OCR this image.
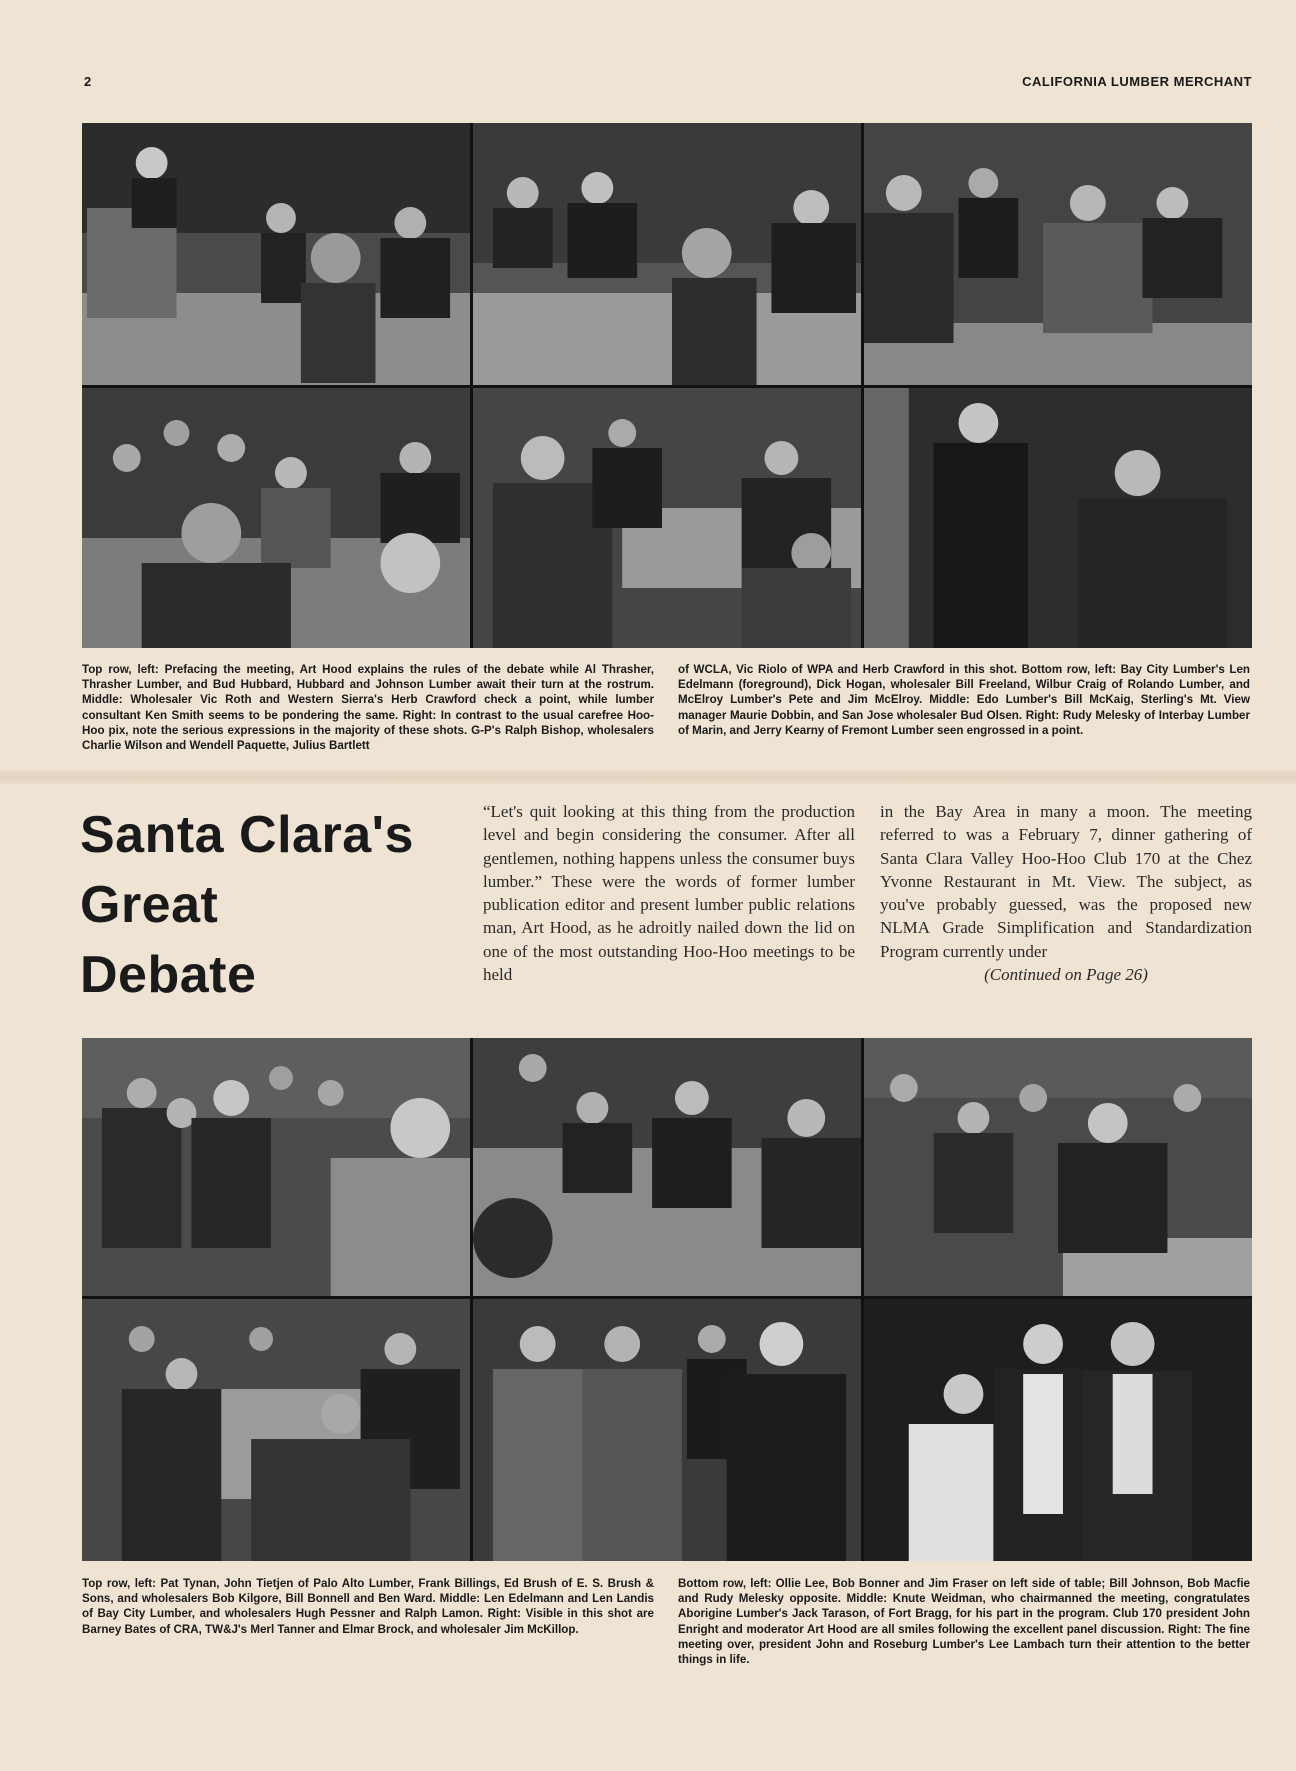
2	CALIFORNIA LUMBER MERCHANT
Top row, left: Prefacing the meeting, Art Hood explains the rules of the debate while Al Thrasher, Thrasher Lumber, and Bud Hubbard, Hubbard and Johnson Lumber await their turn at the rostrum. Middle: Wholesaler Vic Roth and Western Sierra's Herb Crawford check a point, while lumber consultant Ken Smith seems to be pondering the same. Right: In contrast to the usual carefree Hoo-Hoo pix, note the serious expressions in the majority of these shots. G-P's Ralph Bishop, wholesalers Charlie Wilson and Wendell Paquette, Julius Bartlett
of WCLA, Vic Riolo of WPA and Herb Crawford in this shot. Bottom row, left: Bay City Lumber's Len Edelmann (foreground), Dick Hogan, wholesaler Bill Freeland, Wilbur Craig of Rolando Lumber, and McElroy Lumber's Pete and Jim McElroy. Middle: Edo Lumber's Bill McKaig, Sterling's Mt. View manager Maurie Dobbin, and San Jose wholesaler Bud Olsen. Right: Rudy Melesky of Interbay Lumber of Marin, and Jerry Kearny of Fremont Lumber seen engrossed in a point.
Santa Clara's
Great
Debate
“Let's quit looking at this thing from the production level and begin considering the consumer. After all gentlemen, nothing happens unless the consumer buys lumber.” These were the words of former lumber publication editor and present lumber public relations man, Art Hood, as he adroitly nailed down the lid on one of the most outstanding Hoo-Hoo meetings to be held
in the Bay Area in many a moon. The meeting referred to was a February 7, dinner gathering of Santa Clara Valley Hoo-Hoo Club 170 at the Chez Yvonne Restaurant in Mt. View. The subject, as you've probably guessed, was the proposed new NLMA Grade Simplification and Standardization Program currently under
(Continued on Page 26)
Top row, left: Pat Tynan, John Tietjen of Palo Alto Lumber, Frank Billings, Ed Brush of E. S. Brush & Sons, and wholesalers Bob Kilgore, Bill Bonnell and Ben Ward. Middle: Len Edelmann and Len Landis of Bay City Lumber, and wholesalers Hugh Pessner and Ralph Lamon. Right: Visible in this shot are Barney Bates of CRA, TW&J's Merl Tanner and Elmar Brock, and wholesaler Jim McKillop.
Bottom row, left: Ollie Lee, Bob Bonner and Jim Fraser on left side of table; Bill Johnson, Bob Macfie and Rudy Melesky opposite. Middle: Knute Weidman, who chairmanned the meeting, congratulates Aborigine Lumber's Jack Tarason, of Fort Bragg, for his part in the program. Club 170 president John Enright and moderator Art Hood are all smiles following the excellent panel discussion. Right: The fine meeting over, president John and Roseburg Lumber's Lee Lambach turn their attention to the better things in life.
